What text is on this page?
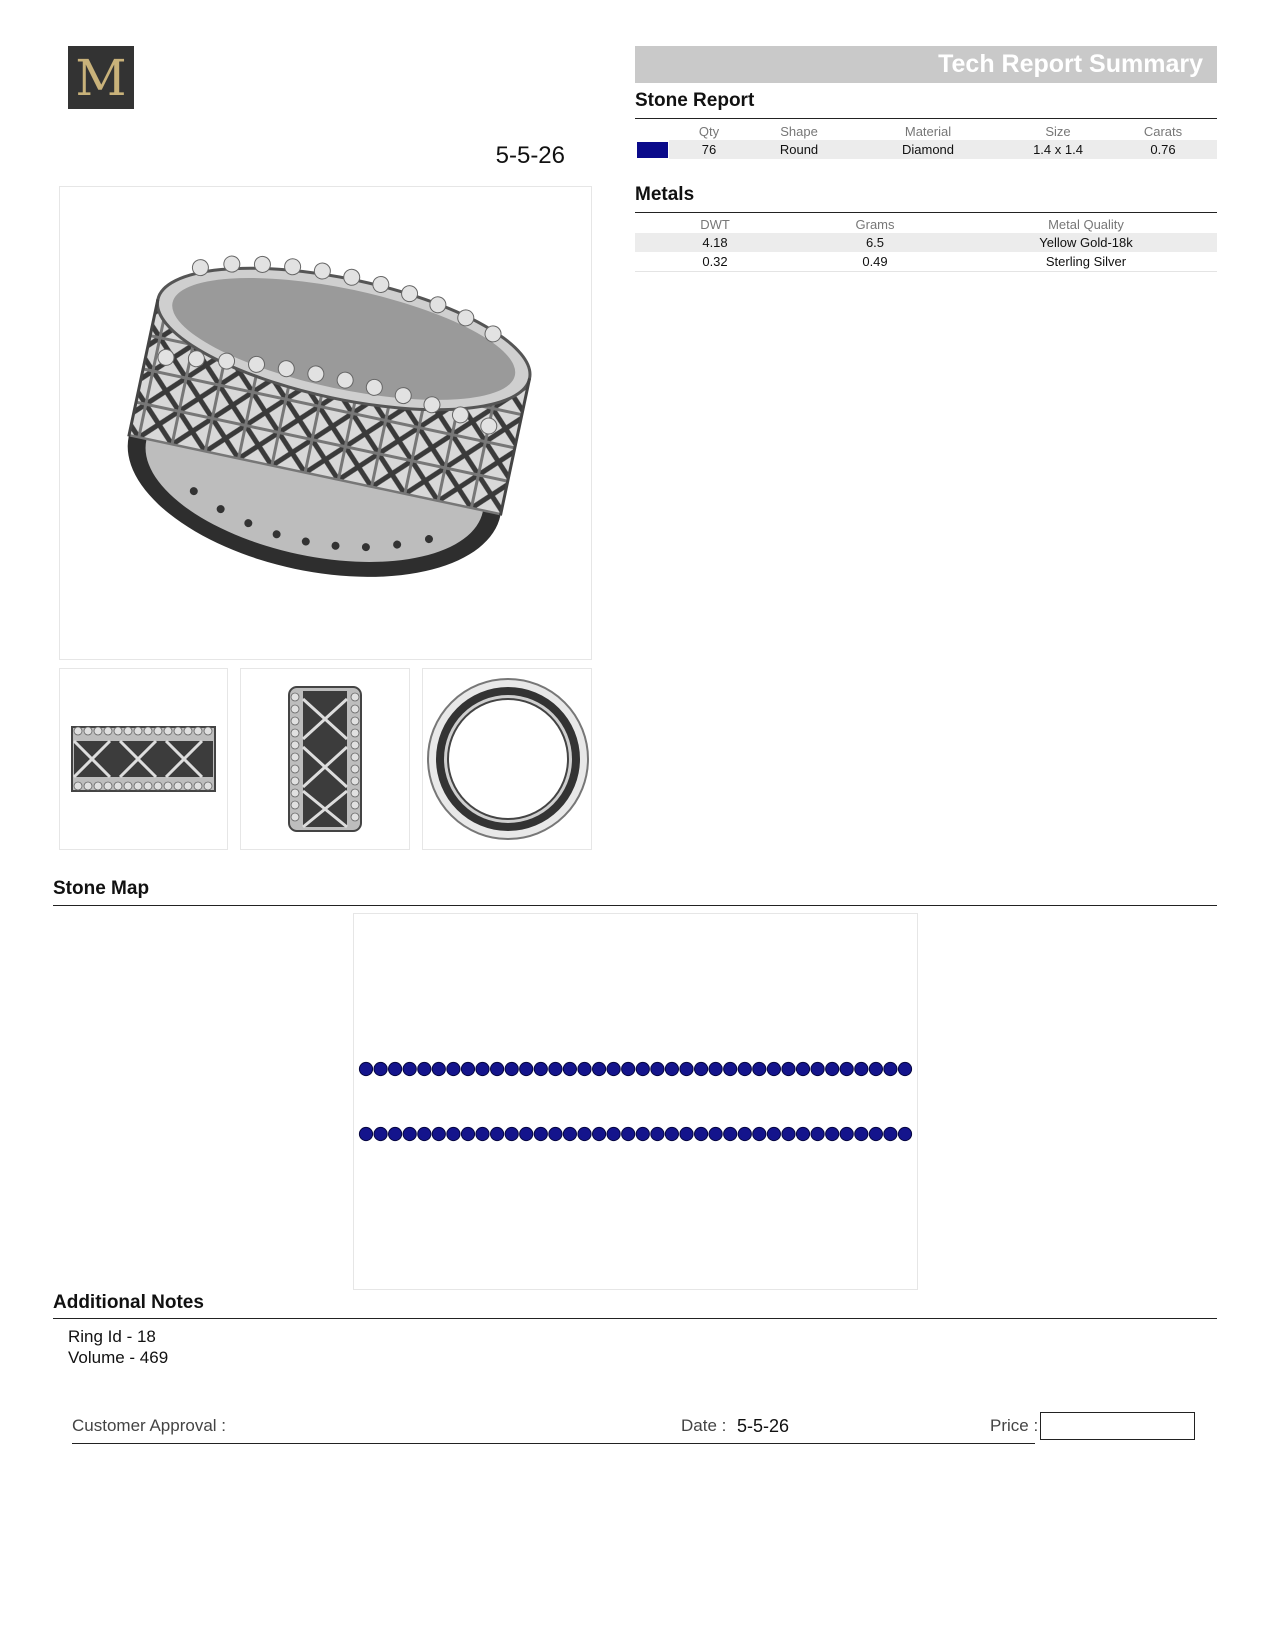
M
5-5-26
Tech Report Summary
Stone Report
	Qty	Shape	Material	Size	Carats

	76	Round	Diamond	1.4 x 1.4	0.76
Metals
DWT	Grams	Metal Quality
4.18	6.5	Yellow Gold-18k
0.32	0.49	Sterling Silver
Stone Map
Additional Notes
Ring Id - 18
Volume - 469
Customer Approval :	Date : 5-5-26	Price :
